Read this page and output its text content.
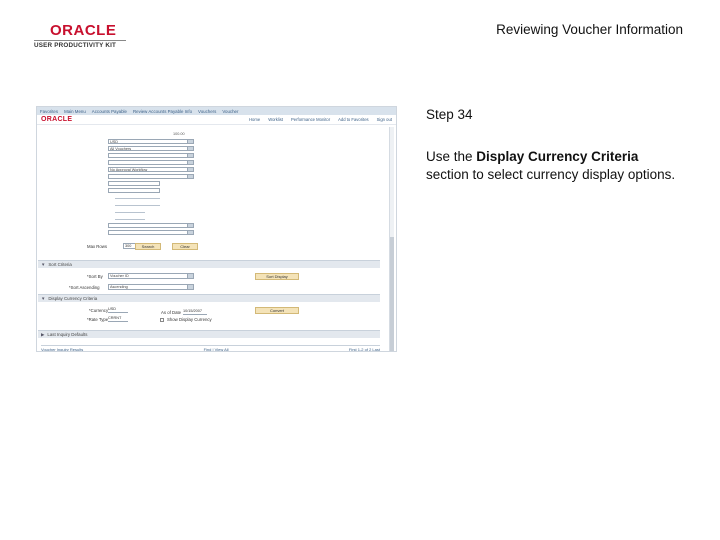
ORACLE
USER PRODUCTIVITY KIT
Reviewing Voucher Information
Favorites Main Menu Accounts Payable Review Accounts Payable Info Vouchers Voucher
ORACLE	Home Worklist Performance Monitor Add to Favorites Sign out
100.00
USD
All Vouchers
No Approval Workflow
Max Rows	300	Search	Clear
▼ Sort Criteria
*Sort By	Voucher ID	Sort Display
*Sort Ascending	Ascending
▼ Display Currency Criteria
*Currency USD
*Rate Type CRRNT
As of Date 10/15/2007
Show Display Currency
Convert
▶ Last Inquiry Defaults
Voucher Inquiry Results	Find | View All	First 1-2 of 2 Last
Step 34
Use the Display Currency Criteria section to select currency display options.
